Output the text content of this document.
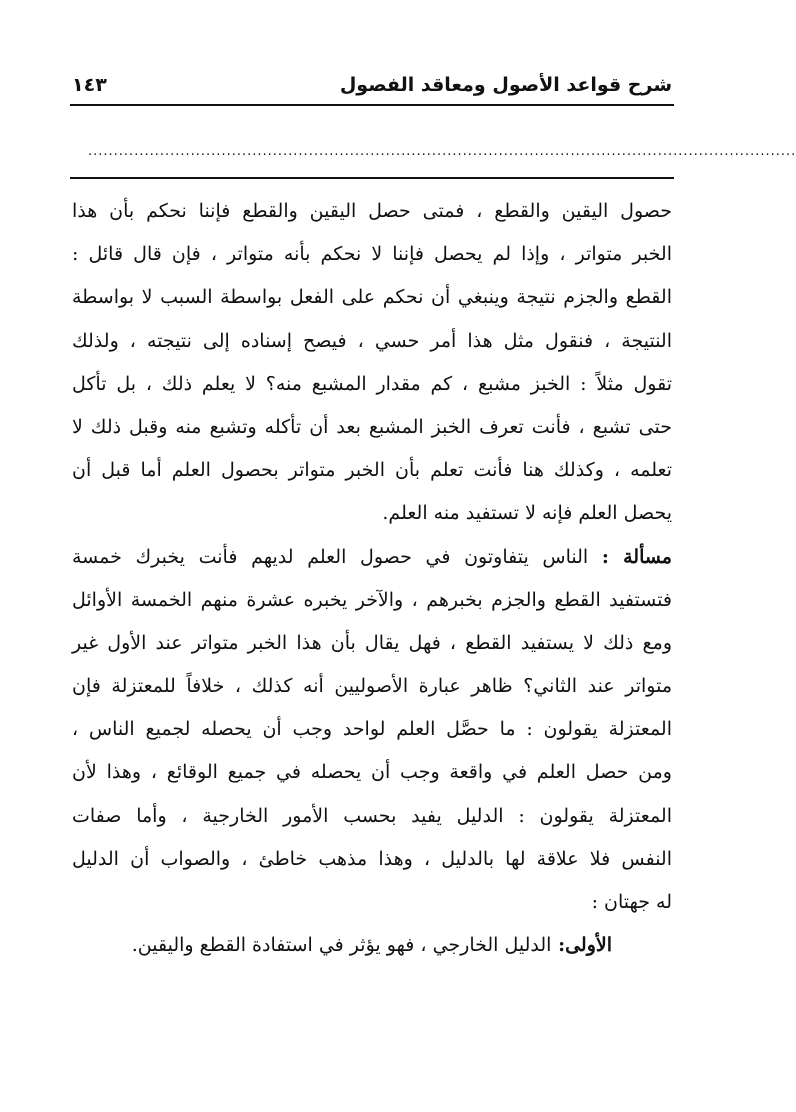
١٤٣	شرح قواعد الأصول ومعاقد الفصول
..........................................................................................................................................
حصول اليقين والقطع ، فمتى حصل اليقين والقطع فإننا نحكم بأن هذا
الخبر متواتر ، وإذا لم يحصل فإننا لا نحكم بأنه متواتر ، فإن قال قائل :
القطع والجزم نتيجة وينبغي أن نحكم على الفعل بواسطة السبب لا بواسطة
النتيجة ، فنقول مثل هذا أمر حسي ، فيصح إسناده إلى نتيجته ، ولذلك
تقول مثلاً : الخبز مشبع ، كم مقدار المشبع منه؟ لا يعلم ذلك ، بل تأكل
حتى تشبع ، فأنت تعرف الخبز المشبع بعد أن تأكله وتشبع منه وقبل ذلك لا
تعلمه ، وكذلك هنا فأنت تعلم بأن الخبر متواتر بحصول العلم أما قبل أن
يحصل العلم فإنه لا تستفيد منه العلم.
مسألة : الناس يتفاوتون في حصول العلم لديهم فأنت يخبرك خمسة
فتستفيد القطع والجزم بخبرهم ، والآخر يخبره عشرة منهم الخمسة الأوائل
ومع ذلك لا يستفيد القطع ، فهل يقال بأن هذا الخبر متواتر عند الأول غير
متواتر عند الثاني؟ ظاهر عبارة الأصوليين أنه كذلك ، خلافاً للمعتزلة فإن
المعتزلة يقولون : ما حصَّل العلم لواحد وجب أن يحصله لجميع الناس ،
ومن حصل العلم في واقعة وجب أن يحصله في جميع الوقائع ، وهذا لأن
المعتزلة يقولون : الدليل يفيد بحسب الأمور الخارجية ، وأما صفات
النفس فلا علاقة لها بالدليل ، وهذا مذهب خاطئ ، والصواب أن الدليل
له جهتان :
الأولى: الدليل الخارجي ، فهو يؤثر في استفادة القطع واليقين.
